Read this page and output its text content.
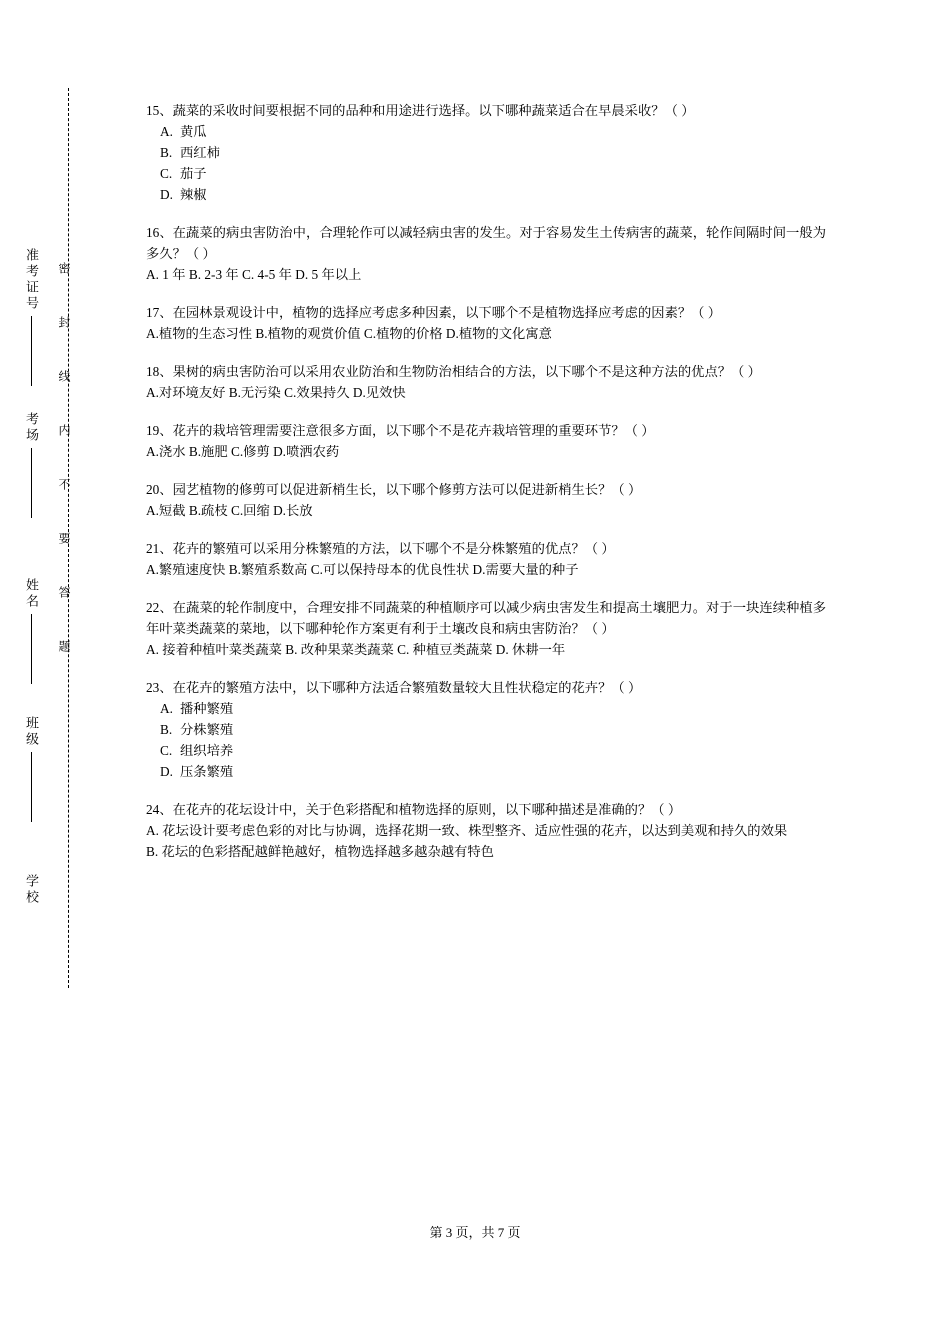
准考证号
考场
姓名
班级
学校
密 封 线 内 不 要 答 题
15、蔬菜的采收时间要根据不同的品种和用途进行选择。以下哪种蔬菜适合在早晨采收？（ ）
A. 黄瓜
B. 西红柿
C. 茄子
D. 辣椒
16、在蔬菜的病虫害防治中，合理轮作可以减轻病虫害的发生。对于容易发生土传病害的蔬菜，轮作间隔时间一般为多久？（ ）
A. 1 年 B. 2-3 年 C. 4-5 年 D. 5 年以上
17、在园林景观设计中，植物的选择应考虑多种因素，以下哪个不是植物选择应考虑的因素？（ ）
A.植物的生态习性 B.植物的观赏价值 C.植物的价格 D.植物的文化寓意
18、果树的病虫害防治可以采用农业防治和生物防治相结合的方法，以下哪个不是这种方法的优点？（ ）
A.对环境友好 B.无污染 C.效果持久 D.见效快
19、花卉的栽培管理需要注意很多方面，以下哪个不是花卉栽培管理的重要环节？（ ）
A.浇水 B.施肥 C.修剪 D.喷洒农药
20、园艺植物的修剪可以促进新梢生长，以下哪个修剪方法可以促进新梢生长？（ ）
A.短截 B.疏枝 C.回缩 D.长放
21、花卉的繁殖可以采用分株繁殖的方法，以下哪个不是分株繁殖的优点？（ ）
A.繁殖速度快 B.繁殖系数高 C.可以保持母本的优良性状 D.需要大量的种子
22、在蔬菜的轮作制度中，合理安排不同蔬菜的种植顺序可以减少病虫害发生和提高土壤肥力。对于一块连续种植多年叶菜类蔬菜的菜地，以下哪种轮作方案更有利于土壤改良和病虫害防治？（ ）
A. 接着种植叶菜类蔬菜 B. 改种果菜类蔬菜 C. 种植豆类蔬菜 D. 休耕一年
23、在花卉的繁殖方法中，以下哪种方法适合繁殖数量较大且性状稳定的花卉？（ ）
A. 播种繁殖
B. 分株繁殖
C. 组织培养
D. 压条繁殖
24、在花卉的花坛设计中，关于色彩搭配和植物选择的原则，以下哪种描述是准确的？（ ）
A. 花坛设计要考虑色彩的对比与协调，选择花期一致、株型整齐、适应性强的花卉，以达到美观和持久的效果
B. 花坛的色彩搭配越鲜艳越好，植物选择越多越杂越有特色
第 3 页，共 7 页
